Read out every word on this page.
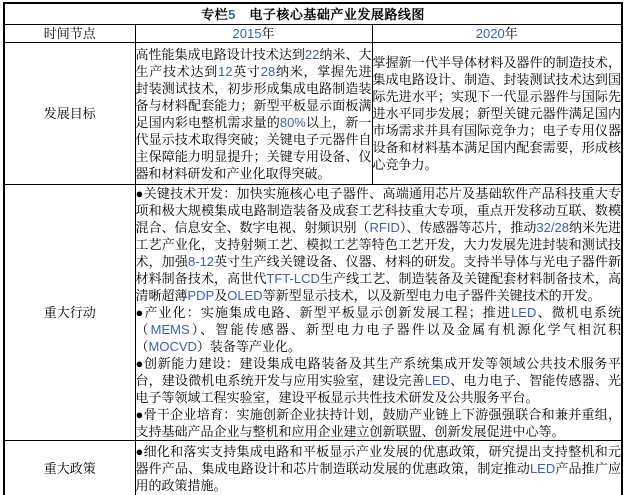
专栏5　电子核心基础产业发展路线图		
时间节点	2015年	2020年
发展目标	高性能集成电路设计技术达到22纳米、大生产技术达到12英寸28纳米，掌握先进封装测试技术，初步形成集成电路制造装备与材料配套能力；新型平板显示面板满足国内彩电整机需求量的80%以上，新一代显示技术取得突破；关键电子元器件自主保障能力明显提升；关键专用设备、仪器和材料研发和产业化取得突破。	掌握新一代半导体材料及器件的制造技术，集成电路设计、制造、封装测试技术达到国际先进水平；实现下一代显示器件与国际先进水平同步发展；新型关键元器件满足国内市场需求并具有国际竞争力；电子专用仪器设备和材料基本满足国内配套需要，形成核心竞争力。
重大行动	●关键技术开发：加快实施核心电子器件、高端通用芯片及基础软件产品科技重大专项和极大规模集成电路制造装备及成套工艺科技重大专项，重点开发移动互联、数模混合、信息安全、数字电视、射频识别（RFID）、传感器等芯片，推动32/28纳米先进工艺产业化，支持射频工艺、模拟工艺等特色工艺开发，大力发展先进封装和测试技术，加强8-12英寸生产线关键设备、仪器、材料的研发。支持半导体与光电子器件新材料制备技术，高世代TFT-LCD生产线工艺、制造装备及关键配套材料制备技术，高清晰超薄PDP及OLED等新型显示技术，以及新型电力电子器件关键技术的开发。

●产业化：实施集成电路、新型平板显示创新发展工程；推进LED、微机电系统（MEMS）、智能传感器、新型电力电子器件以及金属有机源化学气相沉积（MOCVD）装备等产业化。

●创新能力建设：建设集成电路装备及其生产系统集成开发等领域公共技术服务平台，建设微机电系统开发与应用实验室，建设完善LED、电力电子、智能传感器、光电子等领域工程实验室，建设平板显示共性技术研发及公共服务平台。

●骨干企业培育：实施创新企业扶持计划，鼓励产业链上下游强强联合和兼并重组，支持基础产品企业与整机和应用企业建立创新联盟、创新发展促进中心等。	

重大政策	●细化和落实支持集成电路和平板显示产业发展的优惠政策，研究提出支持整机和元器件产品、集成电路设计和芯片制造联动发展的优惠政策，制定推动LED产品推广应用的政策措施。	
